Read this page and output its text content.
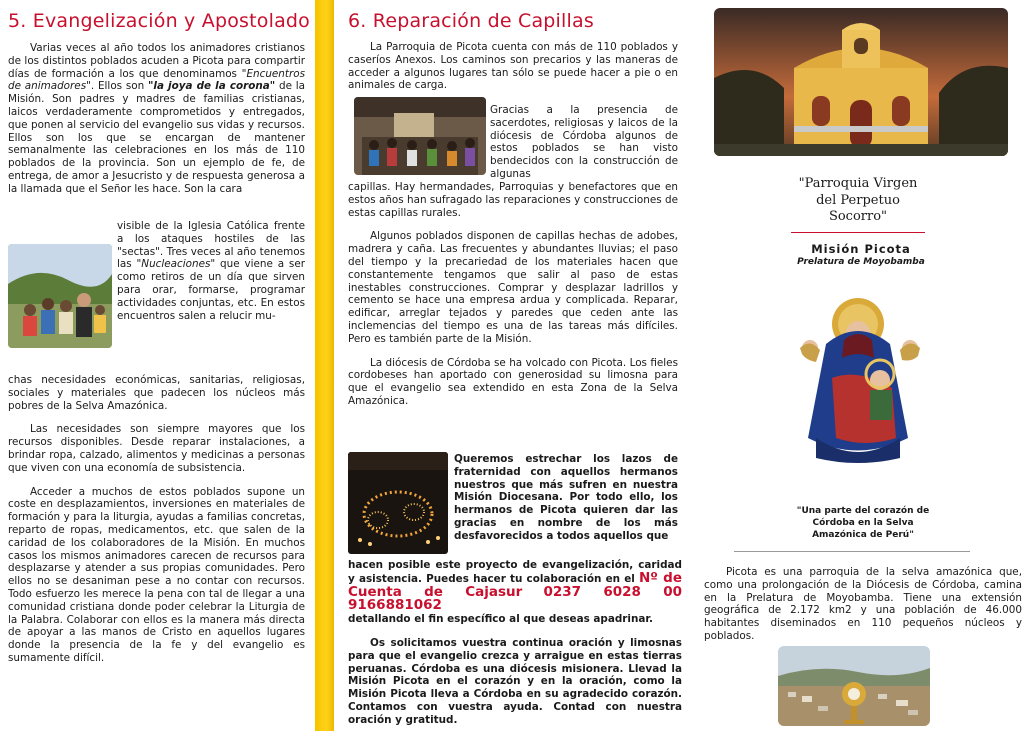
5. Evangelización y Apostolado

Varias veces al año todos los animadores cristianos de los distintos poblados acuden a Picota para compartir días de formación a los que denominamos "Encuentros de animadores". Ellos son "la joya de la corona" de la Misión. Son padres y madres de familias cristianas, laicos verdaderamente comprometidos y entregados, que ponen al servicio del evangelio sus vidas y recursos. Ellos son los que se encargan de mantener semanalmente las celebraciones en los más de 110 poblados de la provincia. Son un ejemplo de fe, de entrega, de amor a Jesucristo y de respuesta generosa a la llamada que el Señor les hace. Son la cara

visible de la Iglesia Católica frente a los ataques hostiles de las "sectas". Tres veces al año tenemos las "Nucleaciones" que viene a ser como retiros de un día que sirven para orar, formarse, programar actividades conjuntas, etc. En estos encuentros salen a relucir mu-

chas necesidades económicas, sanitarias, religiosas, sociales y materiales que padecen los núcleos más pobres de la Selva Amazónica.

Las necesidades son siempre mayores que los recursos disponibles. Desde reparar instalaciones, a brindar ropa, calzado, alimentos y medicinas a personas que viven con una economía de subsistencia.

Acceder a muchos de estos poblados supone un coste en desplazamientos, inversiones en materiales de formación y para la liturgia, ayudas a familias concretas, reparto de ropas, medicamentos, etc. que salen de la caridad de los colaboradores de la Misión. En muchos casos los mismos animadores carecen de recursos para desplazarse y atender a sus propias comunidades. Pero ellos no se desaniman pese a no contar con recursos. Todo esfuerzo les merece la pena con tal de llegar a una comunidad cristiana donde poder celebrar la Liturgia de la Palabra. Colaborar con ellos es la manera más directa de apoyar a las manos de Cristo en aquellos lugares donde la presencia de la fe y del evangelio es sumamente difícil.

6. Reparación de Capillas

La Parroquia de Picota cuenta con más de 110 poblados y caseríos Anexos. Los caminos son precarios y las maneras de acceder a algunos lugares tan sólo se puede hacer a pie o en animales de carga.

Gracias a la presencia de sacerdotes, religiosas y laicos de la diócesis de Córdoba algunos de estos poblados se han visto bendecidos con la construcción de algunas

capillas. Hay hermandades, Parroquias y benefactores que en estos años han sufragado las reparaciones y construcciones de estas capillas rurales.

Algunos poblados disponen de capillas hechas de adobes, madrera y caña. Las frecuentes y abundantes lluvias; el paso del tiempo y la precariedad de los materiales hacen que constantemente tengamos que salir al paso de estas inestables construcciones. Comprar y desplazar ladrillos y cemento se hace una empresa ardua y complicada. Reparar, edificar, arreglar tejados y paredes que ceden ante las inclemencias del tiempo es una de las tareas más difíciles. Pero es también parte de la Misión.

La diócesis de Córdoba se ha volcado con Picota. Los fieles cordobeses han aportado con generosidad su limosna para que el evangelio sea extendido en esta Zona de la Selva Amazónica.

Queremos estrechar los lazos de fraternidad con aquellos hermanos nuestros que más sufren en nuestra Misión Diocesana. Por todo ello, los hermanos de Picota quieren dar las gracias en nombre de los más desfavorecidos a todos aquellos que

hacen posible este proyecto de evangelización, caridad y asistencia. Puedes hacer tu colaboración en el Nº de Cuenta de Cajasur 0237 6028 00 9166881062

detallando el fin específico al que deseas apadrinar.

Os solicitamos vuestra continua oración y limosnas para que el evangelio crezca y arraigue en estas tierras peruanas. Córdoba es una diócesis misionera. Llevad la Misión Picota en el corazón y en la oración, como la Misión Picota lleva a Córdoba en su agradecido corazón. Contamos con vuestra ayuda. Contad con nuestra oración y gratitud.

"Parroquia Virgen del Perpetuo Socorro"

Misión Picota

Prelatura de Moyobamba

"Una parte del corazón de Córdoba en la Selva Amazónica de Perú"

Picota es una parroquia de la selva amazónica que, como una prolongación de la Diócesis de Córdoba, camina en la Prelatura de Moyobamba. Tiene una extensión geográfica de 2.172 km2 y una población de 46.000 habitantes diseminados en 110 pequeños núcleos y poblados.
